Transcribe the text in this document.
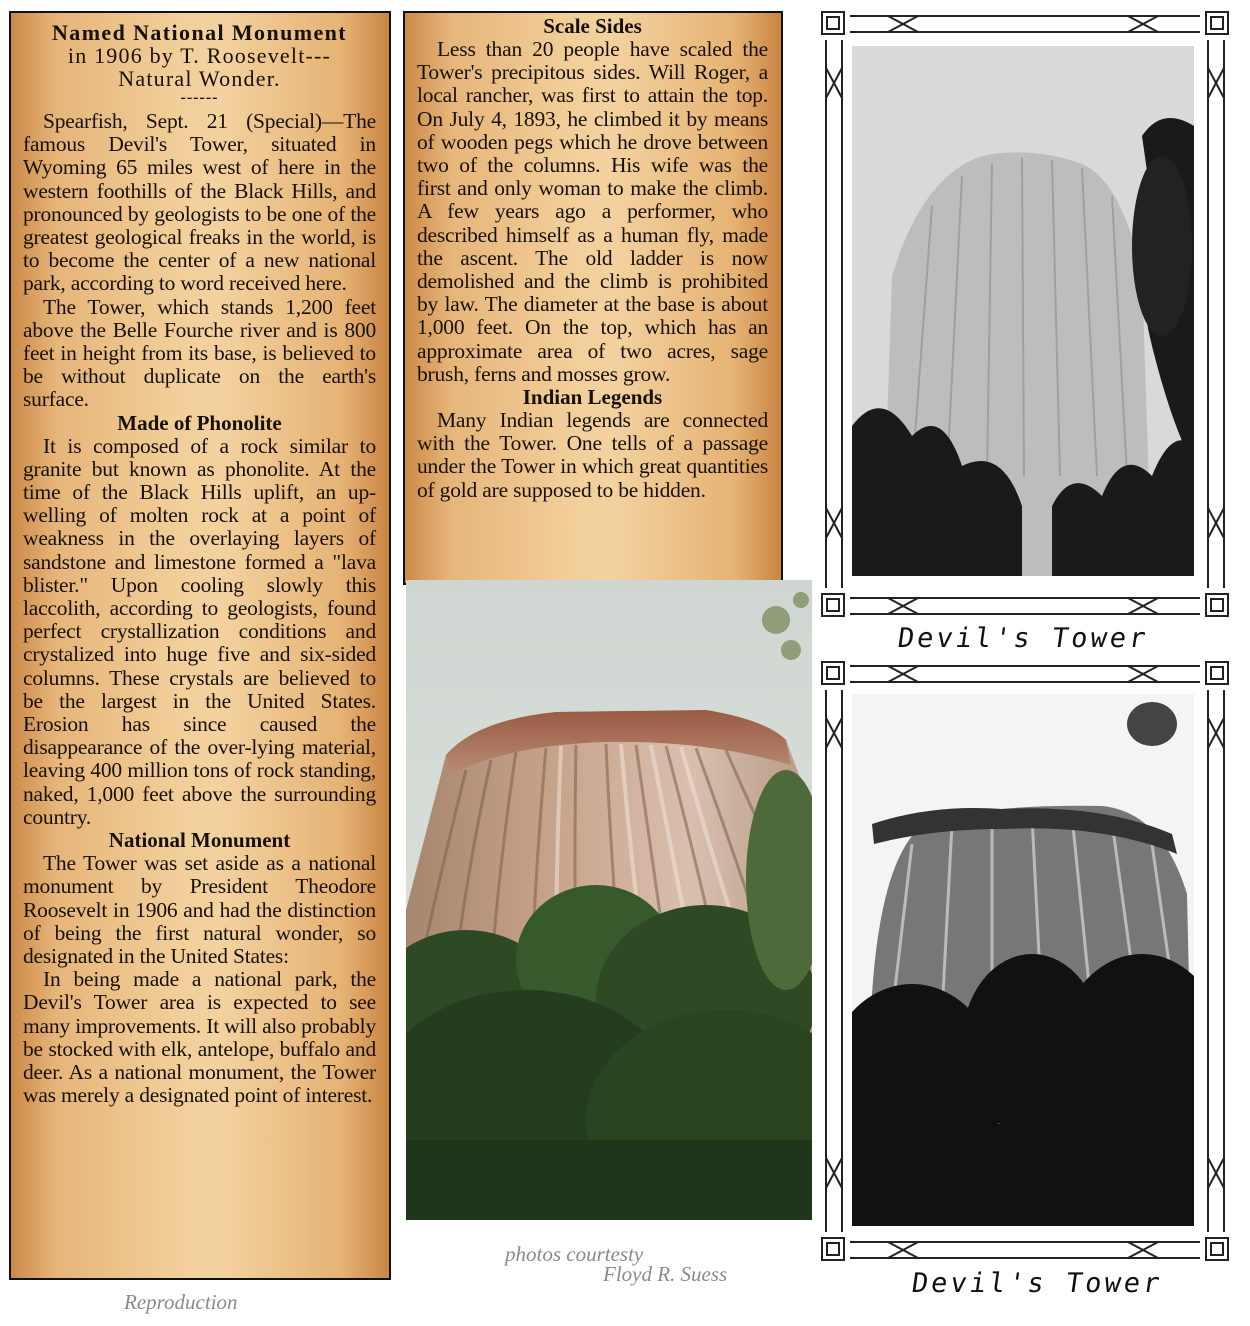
Named National Monument
in 1906 by T. Roosevelt---
Natural Wonder.
------

Spearfish, Sept. 21 (Special)—The famous Devil's Tower, situated in Wyoming 65 miles west of here in the western foothills of the Black Hills, and pronounced by geologists to be one of the greatest geological freaks in the world, is to become the center of a new national park, according to word received here.

The Tower, which stands 1,200 feet above the Belle Fourche river and is 800 feet in height from its base, is believed to be without duplicate on the earth's surface.

Made of Phonolite

It is composed of a rock similar to granite but known as phonolite. At the time of the Black Hills uplift, an up-welling of molten rock at a point of weakness in the overlaying layers of sandstone and limestone formed a "lava blister." Upon cooling slowly this laccolith, according to geologists, found perfect crystallization conditions and crystalized into huge five and six-sided columns. These crystals are believed to be the largest in the United States. Erosion has since caused the disappearance of the over-lying material, leaving 400 million tons of rock standing, naked, 1,000 feet above the surrounding country.

National Monument

The Tower was set aside as a national monument by President Theodore Roosevelt in 1906 and had the distinction of being the first natural wonder, so designated in the United States:

In being made a national park, the Devil's Tower area is expected to see many improvements. It will also probably be stocked with elk, antelope, buffalo and deer. As a national monument, the Tower was merely a designated point of interest.

Scale Sides

Less than 20 people have scaled the Tower's precipitous sides. Will Roger, a local rancher, was first to attain the top. On July 4, 1893, he climbed it by means of wooden pegs which he drove between two of the columns. His wife was the first and only woman to make the climb. A few years ago a performer, who described himself as a human fly, made the ascent. The old ladder is now demolished and the climb is prohibited by law. The diameter at the base is about 1,000 feet. On the top, which has an approximate area of two acres, sage brush, ferns and mosses grow.

Indian Legends

Many Indian legends are connected with the Tower. One tells of a passage under the Tower in which great quantities of gold are supposed to be hidden.

Devil's Tower
Devil's Tower
Reproduction
photos courtesty
Floyd R. Suess
